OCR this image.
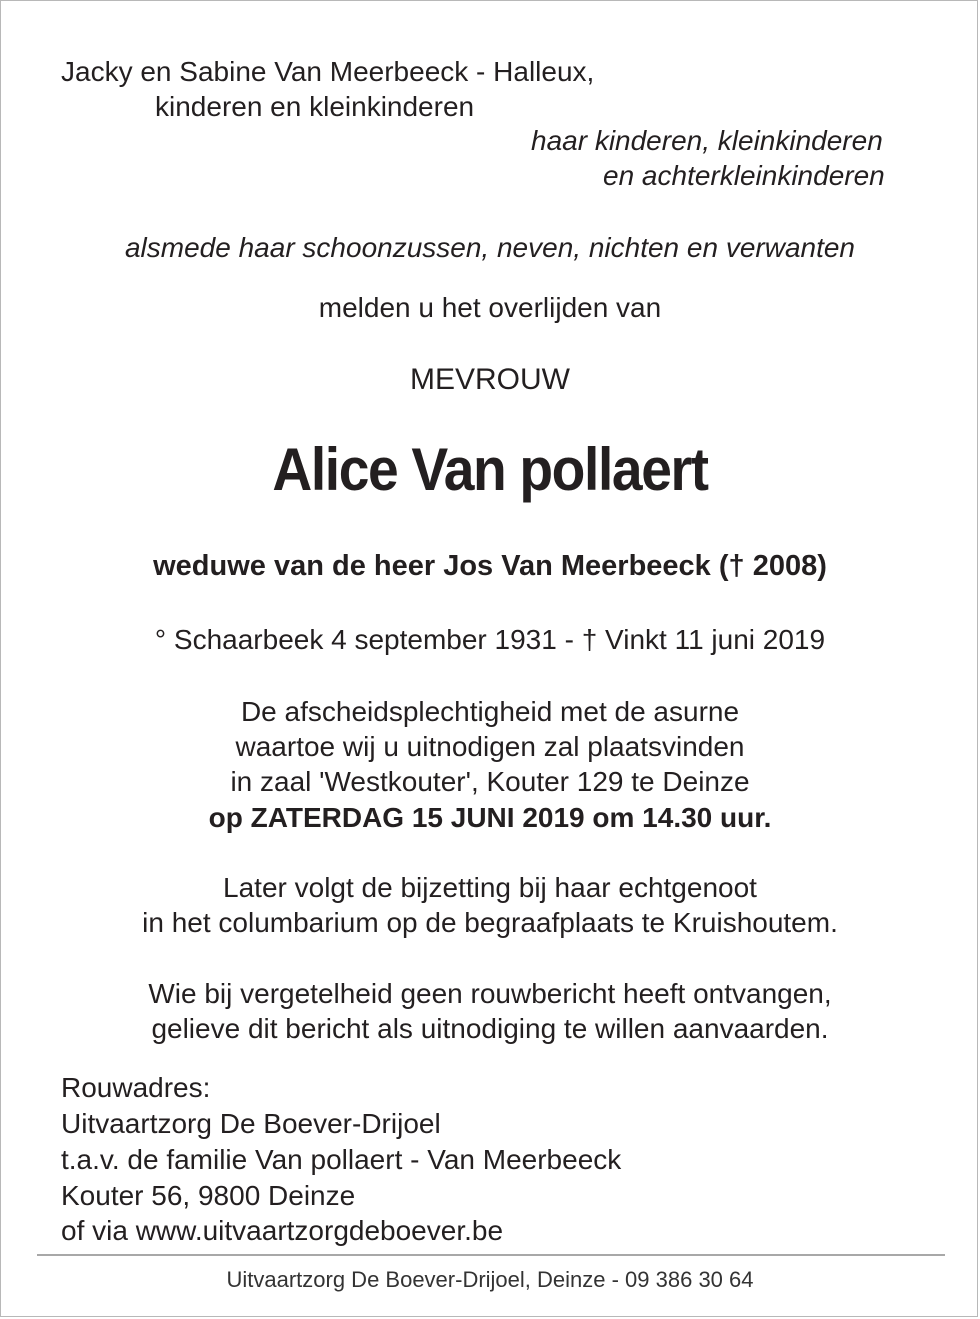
Jacky en Sabine Van Meerbeeck - Halleux,
kinderen en kleinkinderen
haar kinderen, kleinkinderen
en achterkleinkinderen
alsmede haar schoonzussen, neven, nichten en verwanten
melden u het overlijden van
MEVROUW
Alice Van pollaert
weduwe van de heer Jos Van Meerbeeck († 2008)
° Schaarbeek 4 september 1931 - † Vinkt 11 juni 2019
De afscheidsplechtigheid met de asurne
waartoe wij u uitnodigen zal plaatsvinden
in zaal 'Westkouter', Kouter 129 te Deinze
op ZATERDAG 15 JUNI 2019 om 14.30 uur.
Later volgt de bijzetting bij haar echtgenoot
in het columbarium op de begraafplaats te Kruishoutem.
Wie bij vergetelheid geen rouwbericht heeft ontvangen,
gelieve dit bericht als uitnodiging te willen aanvaarden.
Rouwadres:
Uitvaartzorg De Boever-Drijoel
t.a.v. de familie Van pollaert - Van Meerbeeck
Kouter 56, 9800 Deinze
of via www.uitvaartzorgdeboever.be
Uitvaartzorg De Boever-Drijoel, Deinze - 09 386 30 64
